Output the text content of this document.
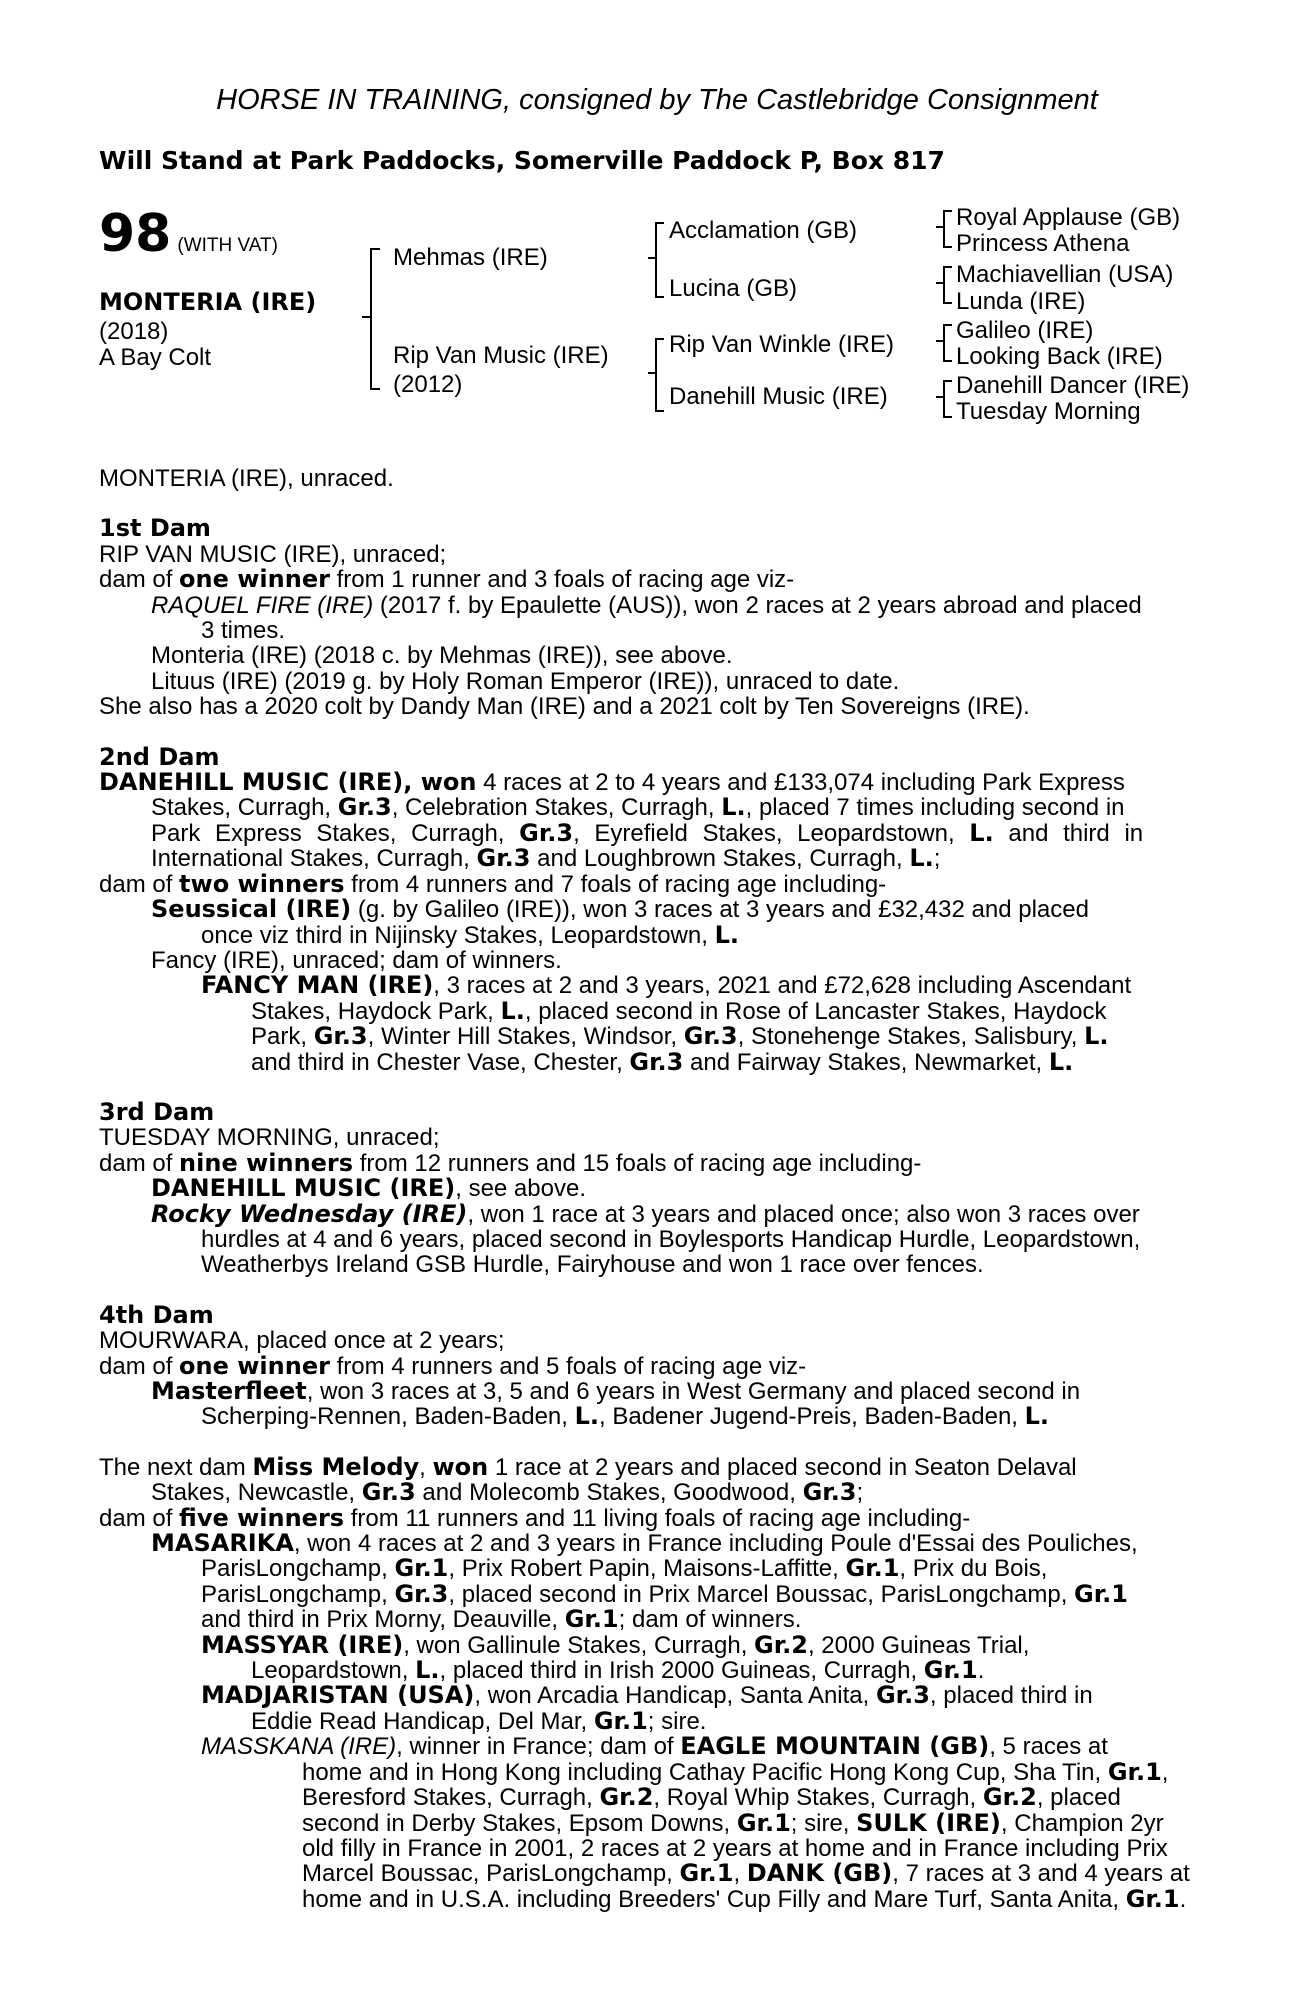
HORSE IN TRAINING, consigned by The Castlebridge Consignment
Will Stand at Park Paddocks, Somerville Paddock P, Box 817
98 (WITH VAT)
MONTERIA (IRE)
(2018)
A Bay Colt
Mehmas (IRE)
Rip Van Music (IRE)
(2012)
Acclamation (GB)
Lucina (GB)
Rip Van Winkle (IRE)
Danehill Music (IRE)
Royal Applause (GB)
Princess Athena
Machiavellian (USA)
Lunda (IRE)
Galileo (IRE)
Looking Back (IRE)
Danehill Dancer (IRE)
Tuesday Morning
MONTERIA (IRE), unraced.
1st Dam
RIP VAN MUSIC (IRE), unraced;
dam of one winner from 1 runner and 3 foals of racing age viz-
RAQUEL FIRE (IRE) (2017 f. by Epaulette (AUS)), won 2 races at 2 years abroad and placed
3 times.
Monteria (IRE) (2018 c. by Mehmas (IRE)), see above.
Lituus (IRE) (2019 g. by Holy Roman Emperor (IRE)), unraced to date.
She also has a 2020 colt by Dandy Man (IRE) and a 2021 colt by Ten Sovereigns (IRE).
2nd Dam
DANEHILL MUSIC (IRE), won 4 races at 2 to 4 years and £133,074 including Park Express
Stakes, Curragh, Gr.3, Celebration Stakes, Curragh, L., placed 7 times including second in
Park Express Stakes, Curragh, Gr.3, Eyrefield Stakes, Leopardstown, L. and third in
International Stakes, Curragh, Gr.3 and Loughbrown Stakes, Curragh, L.;
dam of two winners from 4 runners and 7 foals of racing age including-
Seussical (IRE) (g. by Galileo (IRE)), won 3 races at 3 years and £32,432 and placed
once viz third in Nijinsky Stakes, Leopardstown, L.
Fancy (IRE), unraced; dam of winners.
FANCY MAN (IRE), 3 races at 2 and 3 years, 2021 and £72,628 including Ascendant
Stakes, Haydock Park, L., placed second in Rose of Lancaster Stakes, Haydock
Park, Gr.3, Winter Hill Stakes, Windsor, Gr.3, Stonehenge Stakes, Salisbury, L.
and third in Chester Vase, Chester, Gr.3 and Fairway Stakes, Newmarket, L.
3rd Dam
TUESDAY MORNING, unraced;
dam of nine winners from 12 runners and 15 foals of racing age including-
DANEHILL MUSIC (IRE), see above.
Rocky Wednesday (IRE), won 1 race at 3 years and placed once; also won 3 races over
hurdles at 4 and 6 years, placed second in Boylesports Handicap Hurdle, Leopardstown,
Weatherbys Ireland GSB Hurdle, Fairyhouse and won 1 race over fences.
4th Dam
MOURWARA, placed once at 2 years;
dam of one winner from 4 runners and 5 foals of racing age viz-
Masterfleet, won 3 races at 3, 5 and 6 years in West Germany and placed second in
Scherping-Rennen, Baden-Baden, L., Badener Jugend-Preis, Baden-Baden, L.
The next dam Miss Melody, won 1 race at 2 years and placed second in Seaton Delaval
Stakes, Newcastle, Gr.3 and Molecomb Stakes, Goodwood, Gr.3;
dam of five winners from 11 runners and 11 living foals of racing age including-
MASARIKA, won 4 races at 2 and 3 years in France including Poule d'Essai des Pouliches,
ParisLongchamp, Gr.1, Prix Robert Papin, Maisons-Laffitte, Gr.1, Prix du Bois,
ParisLongchamp, Gr.3, placed second in Prix Marcel Boussac, ParisLongchamp, Gr.1
and third in Prix Morny, Deauville, Gr.1; dam of winners.
MASSYAR (IRE), won Gallinule Stakes, Curragh, Gr.2, 2000 Guineas Trial,
Leopardstown, L., placed third in Irish 2000 Guineas, Curragh, Gr.1.
MADJARISTAN (USA), won Arcadia Handicap, Santa Anita, Gr.3, placed third in
Eddie Read Handicap, Del Mar, Gr.1; sire.
MASSKANA (IRE), winner in France; dam of EAGLE MOUNTAIN (GB), 5 races at
home and in Hong Kong including Cathay Pacific Hong Kong Cup, Sha Tin, Gr.1,
Beresford Stakes, Curragh, Gr.2, Royal Whip Stakes, Curragh, Gr.2, placed
second in Derby Stakes, Epsom Downs, Gr.1; sire, SULK (IRE), Champion 2yr
old filly in France in 2001, 2 races at 2 years at home and in France including Prix
Marcel Boussac, ParisLongchamp, Gr.1, DANK (GB), 7 races at 3 and 4 years at
home and in U.S.A. including Breeders' Cup Filly and Mare Turf, Santa Anita, Gr.1.
